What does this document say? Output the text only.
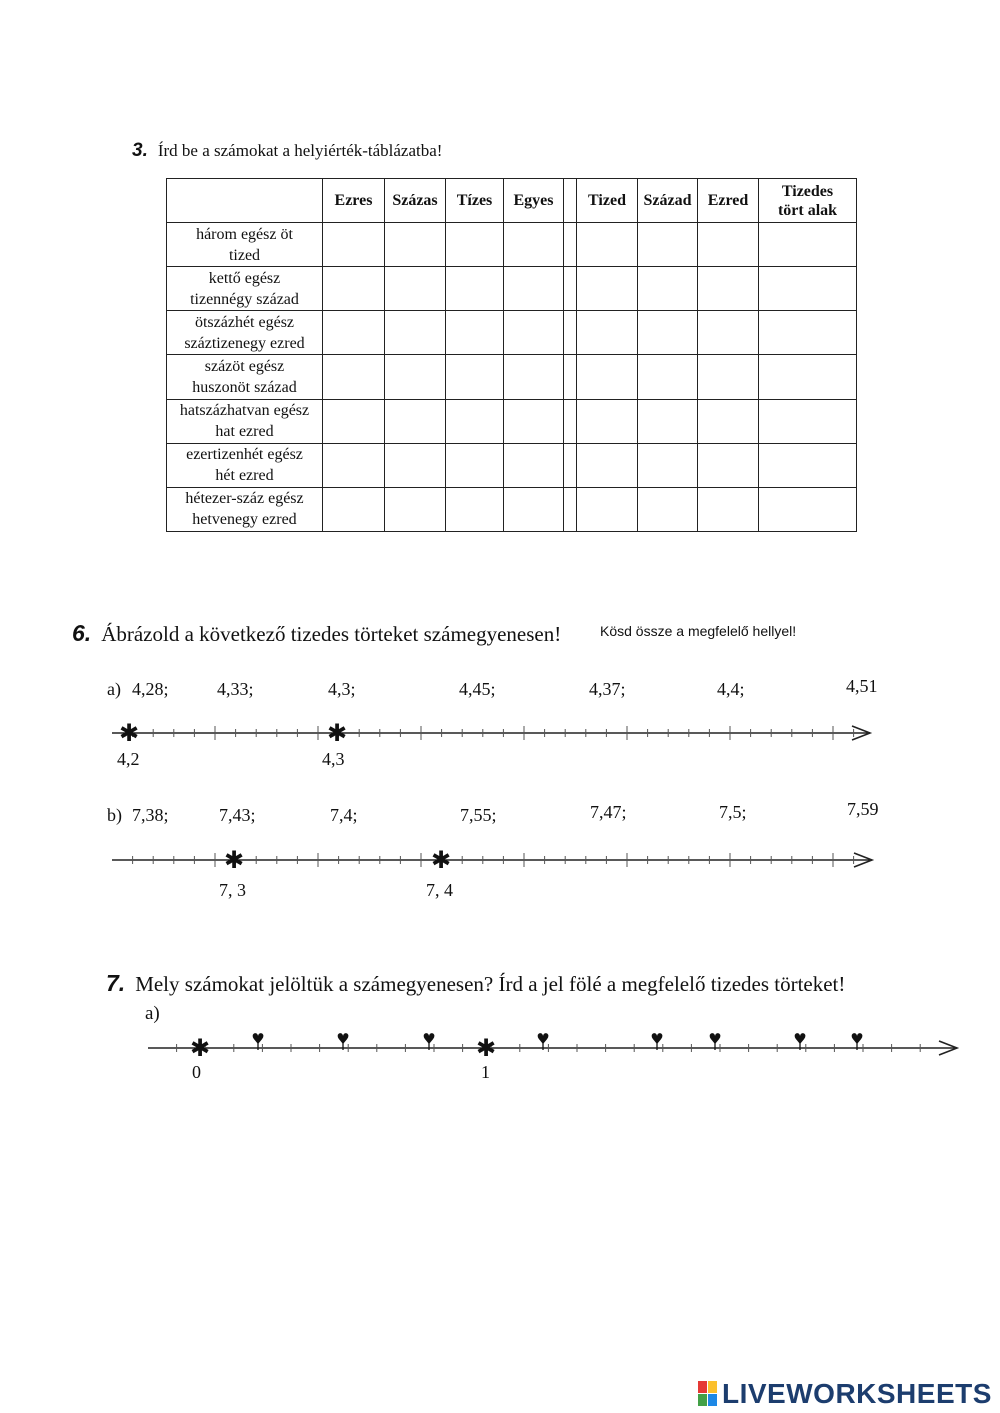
3. Írd be a számokat a helyiérték-táblázatba!
	Ezres	Százas	Tízes	Egyes		Tized	Század	Ezred	Tizedes
tört alak

három egész öt
tized									

kettő egész
tizennégy század									

ötszázhét egész
száztizenegy ezred									

százöt egész
huszonöt század									

hatszázhatvan egész
hat ezred									

ezertizenhét egész
hét ezred									

hétezer-száz egész
hetvenegy ezred									

6. Ábrázold a következő tizedes törteket számegyenesen!	Kösd össze a megfelelő hellyel!
a) 4,28;	4,33;	4,3;	4,45;	4,37;	4,4;	4,51
✱	✱
✱	✱
✱	✱
♥	♥	♥	♥	♥	♥	♥	♥
4,2	4,3
b) 7,38;	7,43;	7,4;	7,55;	7,47;	7,5;	7,59
7, 3	7, 4
7. Mely számokat jelöltük a számegyenesen? Írd a jel fölé a megfelelő tizedes törteket!
a)
0	1
LIVEWORKSHEETS
